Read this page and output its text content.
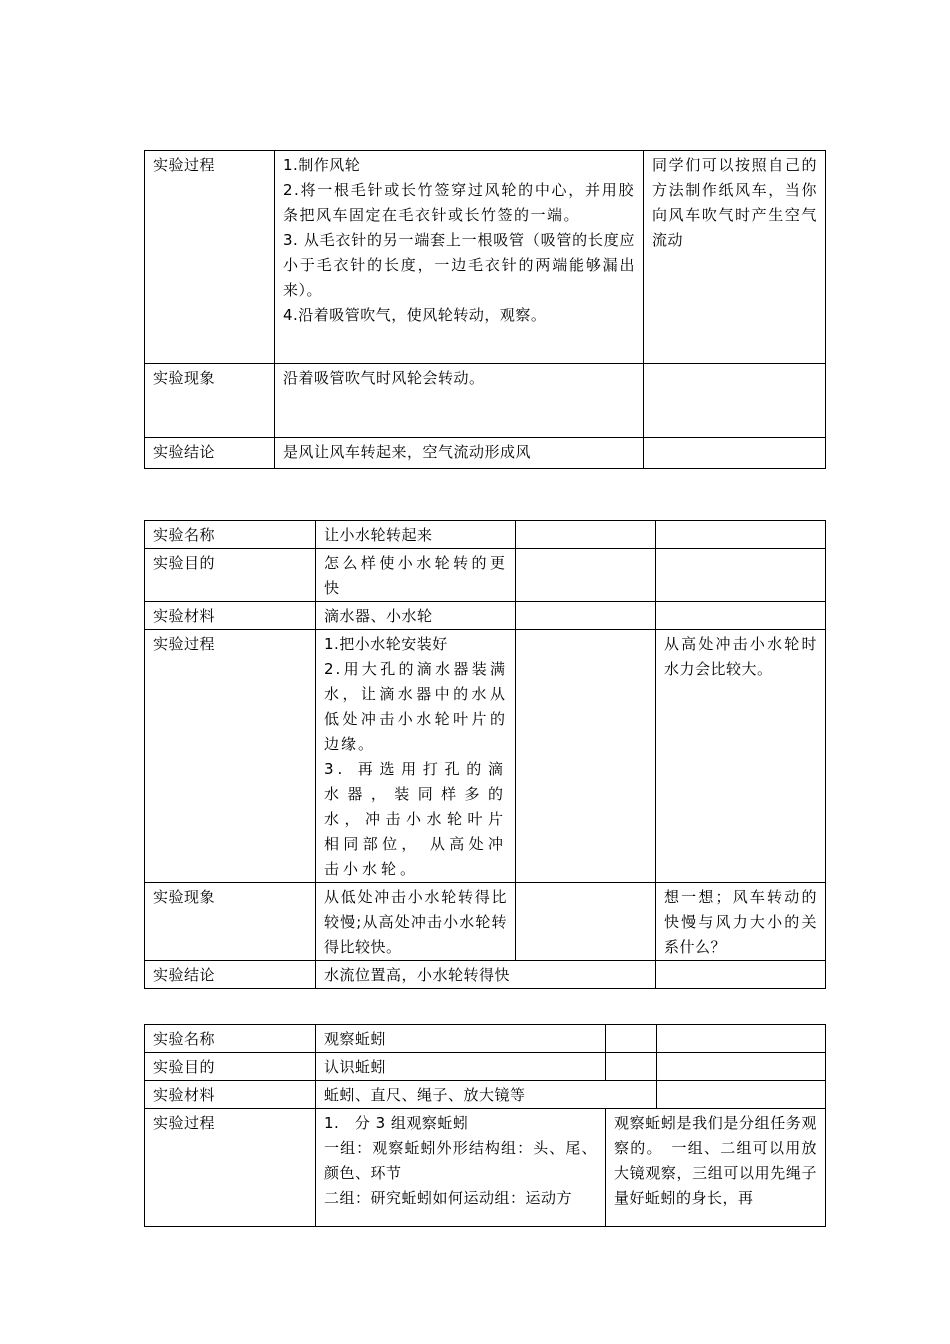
实验过程	1.制作风轮

2.将一根毛针或长竹签穿过风轮的中心，并用胶条把风车固定在毛衣针或长竹签的一端。

3. 从毛衣针的另一端套上一根吸管（吸管的长度应小于毛衣针的长度，一边毛衣针的两端能够漏出来）。

4.沿着吸管吹气，使风轮转动，观察。	同学们可以按照自己的方法制作纸风车，当你向风车吹气时产生空气流动
实验现象	沿着吸管吹气时风轮会转动。	
实验结论	是风让风车转起来，空气流动形成风	
实验名称	让小水轮转起来		
实验目的	怎么样使小水轮转的更快		
实验材料	滴水器、小水轮		
实验过程	1.把小水轮安装好

2.用大孔的滴水器装满水，让滴水器中的水从低处冲击小水轮叶片的边缘。

3. 再选用打孔的滴水器，装同样多的水，冲击小水轮叶片相同部位， 从高处冲击小水轮。		从高处冲击小水轮时水力会比较大。
实验现象	从低处冲击小水轮转得比较慢;从高处冲击小水轮转得比较快。		想一想；风车转动的快慢与风力大小的关系什么？
实验结论	水流位置高，小水轮转得快		
实验名称	观察蚯蚓		
实验目的	认识蚯蚓		
实验材料	蚯蚓、直尺、绳子、放大镜等		
实验过程	1.　分 3 组观察蚯蚓

一组：观察蚯蚓外形结构组：头、尾、颜色、环节

二组：研究蚯蚓如何运动组：运动方	观察蚯蚓是我们是分组任务观察的。　一组、二组可以用放大镜观察，三组可以用先绳子量好蚯蚓的身长，再	
